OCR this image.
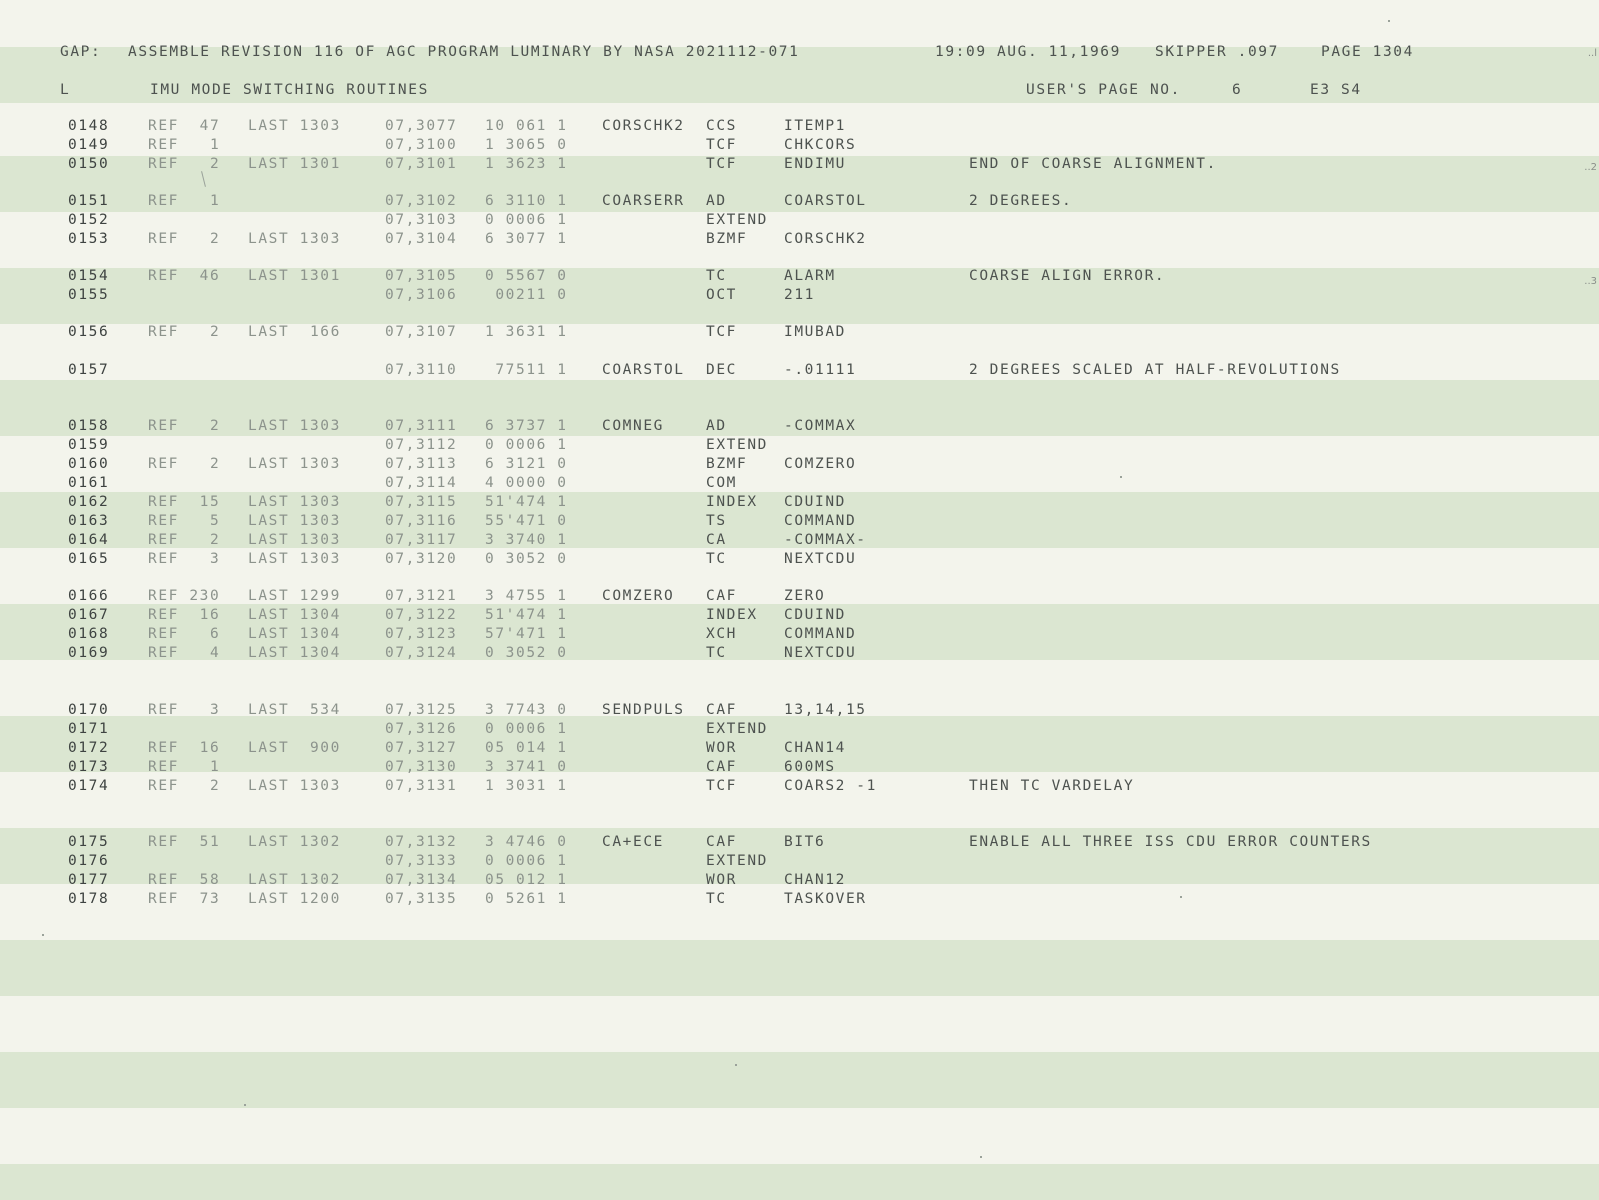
GAP: ASSEMBLE REVISION 116 OF AGC PROGRAM LUMINARY BY NASA 2021112-071	19:09 AUG. 11,1969 SKIPPER .097	PAGE 1304
L	IMU MODE SWITCHING ROUTINES	USER'S PAGE NO.	6	E3 S4
0148	REF  47 LAST 1303	07,3077 10 061 1 CORSCHK2 CCS	ITEMP1
0149	REF   1	07,3100 1 3065 0	TCF	CHKCORS
0150	REF   2 LAST 1301	07,3101 1 3623 1	TCF	ENDIMU	END OF COARSE ALIGNMENT.
0151	REF   1	07,3102 6 3110 1 COARSERR AD	COARSTOL	2 DEGREES.
0152	07,3103 0 0006 1	EXTEND
0153	REF   2 LAST 1303	07,3104 6 3077 1	BZMF	CORSCHK2
0154	REF  46 LAST 1301	07,3105 0 5567 0	TC	ALARM	COARSE ALIGN ERROR.
0155	07,3106 00211 0	OCT	211
0156	REF   2 LAST  166	07,3107 1 3631 1	TCF	IMUBAD
0157	07,3110 77511 1 COARSTOL DEC	-.01111	2 DEGREES SCALED AT HALF-REVOLUTIONS
0158	REF   2 LAST 1303	07,3111 6 3737 1 COMNEG	AD	-COMMAX
0159	07,3112 0 0006 1	EXTEND
0160	REF   2 LAST 1303	07,3113 6 3121 0	BZMF	COMZERO
0161	07,3114 4 0000 0	COM
0162	REF  15 LAST 1303	07,3115 51'474 1	INDEX CDUIND
0163	REF   5 LAST 1303	07,3116 55'471 0	TS	COMMAND
0164	REF   2 LAST 1303	07,3117 3 3740 1	CA	-COMMAX-
0165	REF   3 LAST 1303	07,3120 0 3052 0	TC	NEXTCDU
0166	REF 230 LAST 1299	07,3121 3 4755 1 COMZERO CAF	ZERO
0167	REF  16 LAST 1304	07,3122 51'474 1	INDEX CDUIND
0168	REF   6 LAST 1304	07,3123 57'471 1	XCH	COMMAND
0169	REF   4 LAST 1304	07,3124 0 3052 0	TC	NEXTCDU
0170	REF   3 LAST  534	07,3125 3 7743 0 SENDPULS CAF	13,14,15
0171	07,3126 0 0006 1	EXTEND
0172	REF  16 LAST  900	07,3127 05 014 1	WOR	CHAN14
0173	REF   1	07,3130 3 3741 0	CAF	600MS
0174	REF   2 LAST 1303	07,3131 1 3031 1	TCF	COARS2 -1	THEN TC VARDELAY
0175	REF  51 LAST 1302	07,3132 3 4746 0 CA+ECE	CAF	BIT6	ENABLE ALL THREE ISS CDU ERROR COUNTERS
0176	07,3133 0 0006 1	EXTEND
0177	REF  58 LAST 1302	07,3134 05 012 1	WOR	CHAN12
0178	REF  73 LAST 1200	07,3135 0 5261 1	TC	TASKOVER
..l
..2
..3
